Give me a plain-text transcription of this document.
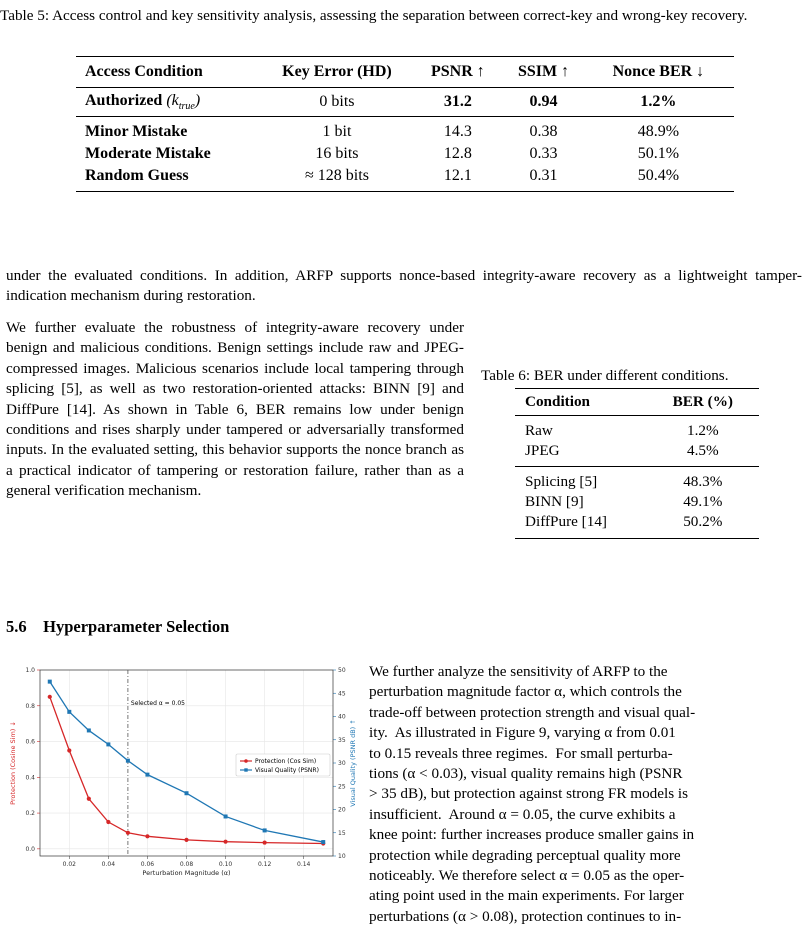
Table 5: Access control and key sensitivity analysis, assessing the separation between correct-key and wrong-key recovery.
Access Condition	Key Error (HD)	PSNR ↑	SSIM ↑	Nonce BER ↓
Authorized $(k_{true})$	0 bits	31.2	0.94	1.2%
Minor Mistake	1 bit	14.3	0.38	48.9%
Moderate Mistake	16 bits	12.8	0.33	50.1%
Random Guess	≈ 128 bits	12.1	0.31	50.4%
under the evaluated conditions. In addition, ARFP supports nonce-based integrity-aware recovery as a lightweight tamper-indication mechanism during restoration.
We further evaluate the robustness of integrity-aware recovery under benign and malicious conditions. Benign settings include raw and JPEG-compressed images. Malicious scenarios include local tampering through splicing [5], as well as two restoration-oriented attacks: BINN [9] and DiffPure [14]. As shown in Table 6, BER remains low under benign conditions and rises sharply under tampered or adversarially transformed inputs. In the evaluated setting, this behavior supports the nonce branch as a practical indicator of tampering or restoration failure, rather than as a general verification mechanism.
Table 6: BER under different conditions.
Condition	BER (%)
Raw	1.2%
JPEG	4.5%
Splicing [5]	48.3%
BINN [9]	49.1%
DiffPure [14]	50.2%
5.6 Hyperparameter Selection
We further analyze the sensitivity of ARFP to the
perturbation magnitude factor α, which controls the
trade-off between protection strength and visual qual-
ity.  As illustrated in Figure 9, varying α from 0.01
to 0.15 reveals three regimes.  For small perturba-
tions (α < 0.03), visual quality remains high (PSNR
> 35 dB), but protection against strong FR models is
insufficient.  Around α = 0.05, the curve exhibits a
knee point: further increases produce smaller gains in
protection while degrading perceptual quality more
noticeably. We therefore select α = 0.05 as the oper-
ating point used in the main experiments. For larger
perturbations (α > 0.08), protection continues to in-
0.02	0.04	0.06	0.08	0.10	0.12	0.14
0.0
0.2
0.4
0.6
0.8
1.0
10
15
20
25
30
35
40
45
50
Selected α = 0.05
Protection (Cos Sim)
Visual Quality (PSNR)
Perturbation Magnitude (α)
Protection (Cosine Sim) ↓	Visual Quality (PSNR dB) ↑
